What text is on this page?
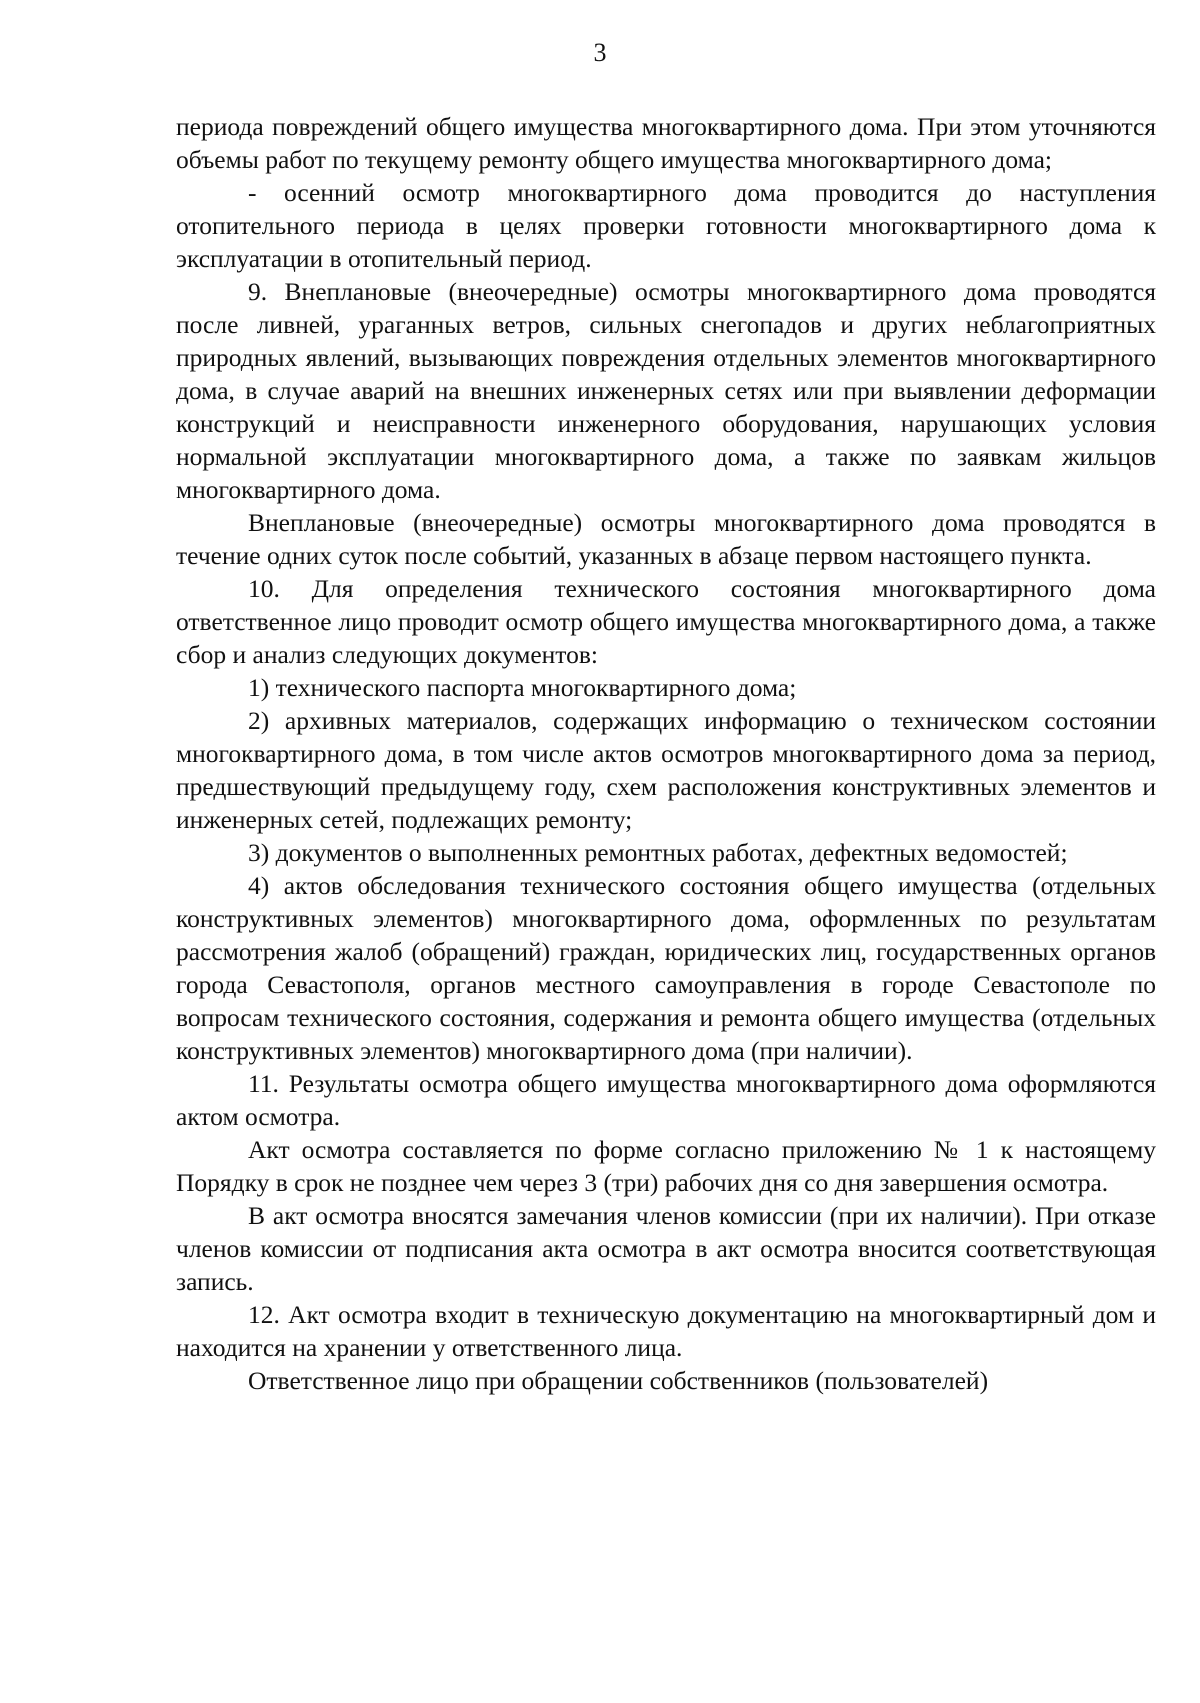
3

периода повреждений общего имущества многоквартирного дома. При этом уточняются объемы работ по текущему ремонту общего имущества многоквартирного дома;

- осенний осмотр многоквартирного дома проводится до наступления отопительного периода в целях проверки готовности многоквартирного дома к эксплуатации в отопительный период.

9. Внеплановые (внеочередные) осмотры многоквартирного дома проводятся после ливней, ураганных ветров, сильных снегопадов и других неблагоприятных природных явлений, вызывающих повреждения отдельных элементов многоквартирного дома, в случае аварий на внешних инженерных сетях или при выявлении деформации конструкций и неисправности инженерного оборудования, нарушающих условия нормальной эксплуатации многоквартирного дома, а также по заявкам жильцов многоквартирного дома.

Внеплановые (внеочередные) осмотры многоквартирного дома проводятся в течение одних суток после событий, указанных в абзаце первом настоящего пункта.

10. Для определения технического состояния многоквартирного дома ответственное лицо проводит осмотр общего имущества многоквартирного дома, а также сбор и анализ следующих документов:

1) технического паспорта многоквартирного дома;

2) архивных материалов, содержащих информацию о техническом состоянии многоквартирного дома, в том числе актов осмотров многоквартирного дома за период, предшествующий предыдущему году, схем расположения конструктивных элементов и инженерных сетей, подлежащих ремонту;

3) документов о выполненных ремонтных работах, дефектных ведомостей;

4) актов обследования технического состояния общего имущества (отдельных конструктивных элементов) многоквартирного дома, оформленных по результатам рассмотрения жалоб (обращений) граждан, юридических лиц, государственных органов города Севастополя, органов местного самоуправления в городе Севастополе по вопросам технического состояния, содержания и ремонта общего имущества (отдельных конструктивных элементов) многоквартирного дома (при наличии).

11. Результаты осмотра общего имущества многоквартирного дома оформляются актом осмотра.

Акт осмотра составляется по форме согласно приложению № 1 к настоящему Порядку в срок не позднее чем через 3 (три) рабочих дня со дня завершения осмотра.

В акт осмотра вносятся замечания членов комиссии (при их наличии). При отказе членов комиссии от подписания акта осмотра в акт осмотра вносится соответствующая запись.

12. Акт осмотра входит в техническую документацию на многоквартирный дом и находится на хранении у ответственного лица.

Ответственное лицо при обращении собственников (пользователей)
